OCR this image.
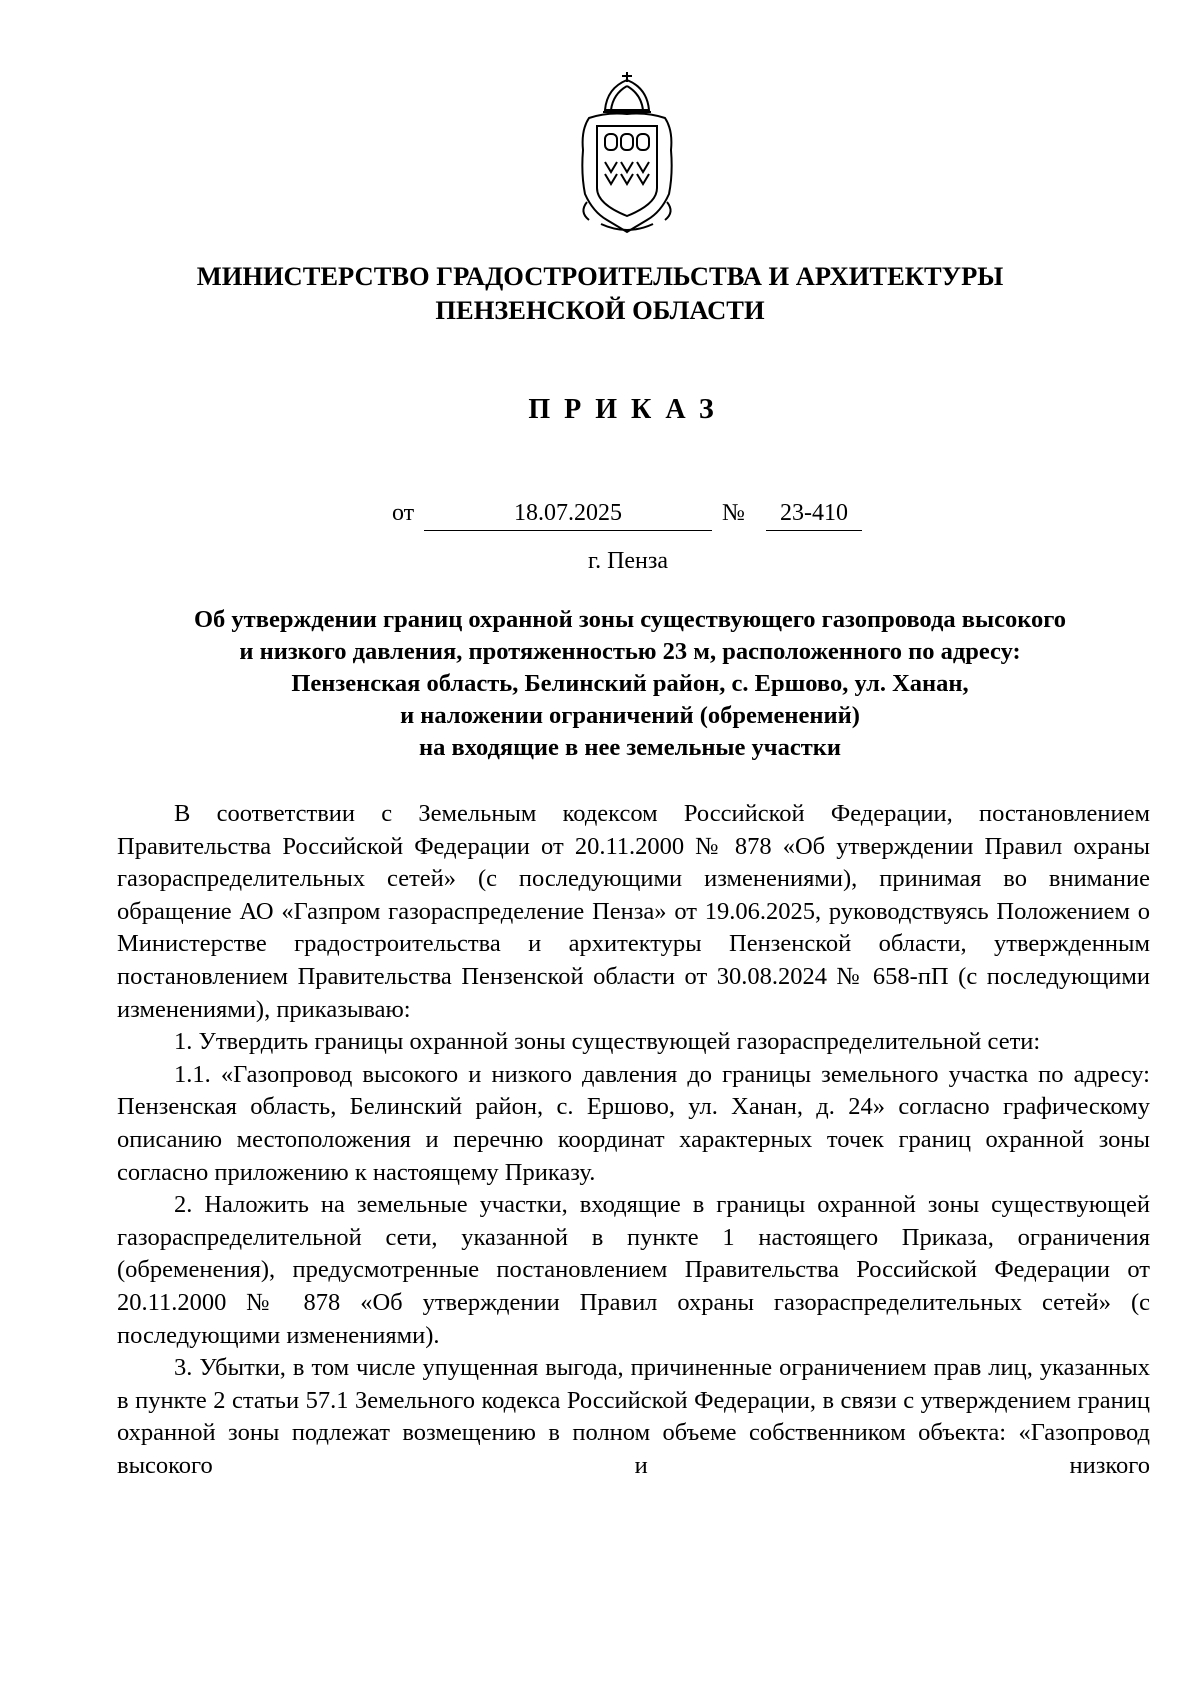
МИНИСТЕРСТВО ГРАДОСТРОИТЕЛЬСТВА И АРХИТЕКТУРЫ
ПЕНЗЕНСКОЙ ОБЛАСТИ
ПРИКАЗ
от	18.07.2025	№	23-410
г. Пенза
Об утверждении границ охранной зоны существующего газопровода высокого
и низкого давления, протяженностью 23 м, расположенного по адресу:
Пензенская область, Белинский район, с. Ершово, ул. Ханан,
и наложении ограничений (обременений)
на входящие в нее земельные участки

В соответствии с Земельным кодексом Российской Федерации, постановлением Правительства Российской Федерации от 20.11.2000 № 878 «Об утверждении Правил охраны газораспределительных сетей» (с последующими изменениями), принимая во внимание обращение АО «Газпром газораспределение Пенза» от 19.06.2025, руководствуясь Положением о Министерстве градостроительства и архитектуры Пензенской области, утвержденным постановлением Правительства Пензенской области от 30.08.2024 № 658-пП (с последующими изменениями), приказываю:

1. Утвердить границы охранной зоны существующей газораспределительной сети:

1.1. «Газопровод высокого и низкого давления до границы земельного участка по адресу: Пензенская область, Белинский район, с. Ершово, ул. Ханан, д. 24» согласно графическому описанию местоположения и перечню координат характерных точек границ охранной зоны согласно приложению к настоящему Приказу.

2. Наложить на земельные участки, входящие в границы охранной зоны существующей газораспределительной сети, указанной в пункте 1 настоящего Приказа, ограничения (обременения), предусмотренные постановлением Правительства Российской Федерации от 20.11.2000 № 878 «Об утверждении Правил охраны газораспределительных сетей» (с последующими изменениями).

3. Убытки, в том числе упущенная выгода, причиненные ограничением прав лиц, указанных в пункте 2 статьи 57.1 Земельного кодекса Российской Федерации, в связи с утверждением границ охранной зоны подлежат возмещению в полном объеме собственником объекта: «Газопровод высокого и низкого
